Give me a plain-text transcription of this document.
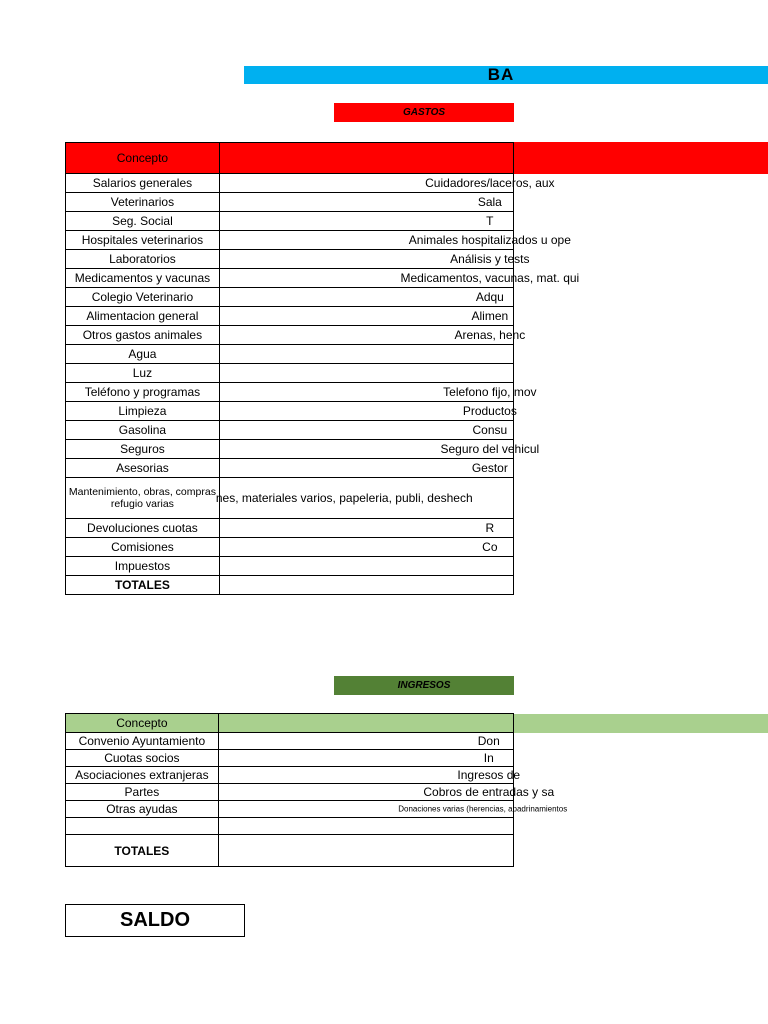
BA
GASTOS
Concepto	
Salarios generales	Cuidadores/laceros, aux

Veterinarios	Sala

Seg. Social	T

Hospitales veterinarios	Animales hospitalizados u ope

Laboratorios	Análisis y tests

Medicamentos y vacunas	Medicamentos, vacunas, mat. qui

Colegio Veterinario	Adqu

Alimentacion general	Alimen

Otros gastos animales	Arenas, henc

Agua	

Luz	

Teléfono y programas	Telefono fijo, mov

Limpieza	Productos

Gasolina	Consu

Seguros	Seguro del vehicul

Asesorias	Gestor

Mantenimiento, obras, compras refugio varias	nes, materiales varios, papeleria, publi, deshech

Devoluciones cuotas	R

Comisiones	Co

Impuestos	

TOTALES	
INGRESOS
Concepto	
Convenio Ayuntamiento	Don

Cuotas socios	In

Asociaciones extranjeras	Ingresos de

Partes	Cobros de entradas y sa

Otras ayudas	Donaciones varias (herencias, apadrinamientos

TOTALES	
SALDO
